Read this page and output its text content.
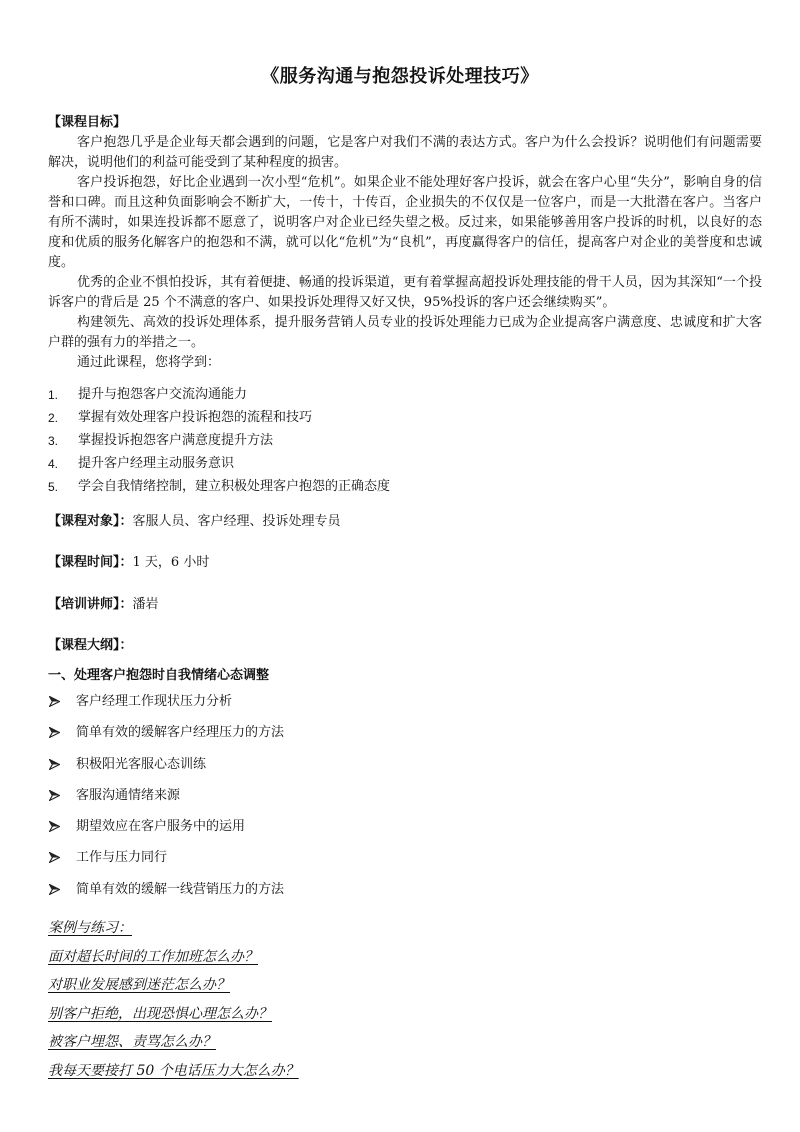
《服务沟通与抱怨投诉处理技巧》
【课程目标】

客户抱怨几乎是企业每天都会遇到的问题，它是客户对我们不满的表达方式。客户为什么会投诉？说明他们有问题需要解决，说明他们的利益可能受到了某种程度的损害。

客户投诉抱怨，好比企业遇到一次小型“危机”。如果企业不能处理好客户投诉，就会在客户心里“失分”，影响自身的信誉和口碑。而且这种负面影响会不断扩大，一传十，十传百，企业损失的不仅仅是一位客户，而是一大批潜在客户。当客户有所不满时，如果连投诉都不愿意了，说明客户对企业已经失望之极。反过来，如果能够善用客户投诉的时机，以良好的态度和优质的服务化解客户的抱怨和不满，就可以化“危机”为“良机”，再度赢得客户的信任，提高客户对企业的美誉度和忠诚度。

优秀的企业不惧怕投诉，其有着便捷、畅通的投诉渠道，更有着掌握高超投诉处理技能的骨干人员，因为其深知“一个投诉客户的背后是 25 个不满意的客户、如果投诉处理得又好又快，95%投诉的客户还会继续购买”。

构建领先、高效的投诉处理体系，提升服务营销人员专业的投诉处理能力已成为企业提高客户满意度、忠诚度和扩大客户群的强有力的举措之一。

通过此课程，您将学到：

1. 提升与抱怨客户交流沟通能力
2. 掌握有效处理客户投诉抱怨的流程和技巧
3. 掌握投诉抱怨客户满意度提升方法
4. 提升客户经理主动服务意识
5. 学会自我情绪控制，建立积极处理客户抱怨的正确态度
【课程对象】：客服人员、客户经理、投诉处理专员
【课程时间】：1 天，6 小时
【培训讲师】：潘岩
【课程大纲】：
一、处理客户抱怨时自我情绪心态调整
客户经理工作现状压力分析
简单有效的缓解客户经理压力的方法
积极阳光客服心态训练
客服沟通情绪来源
期望效应在客户服务中的运用
工作与压力同行
简单有效的缓解一线营销压力的方法
案例与练习：
面对超长时间的工作加班怎么办？
对职业发展感到迷茫怎么办？
别客户拒绝，出现恐惧心理怎么办？
被客户埋怨、责骂怎么办？
我每天要接打 50 个电话压力大怎么办？
